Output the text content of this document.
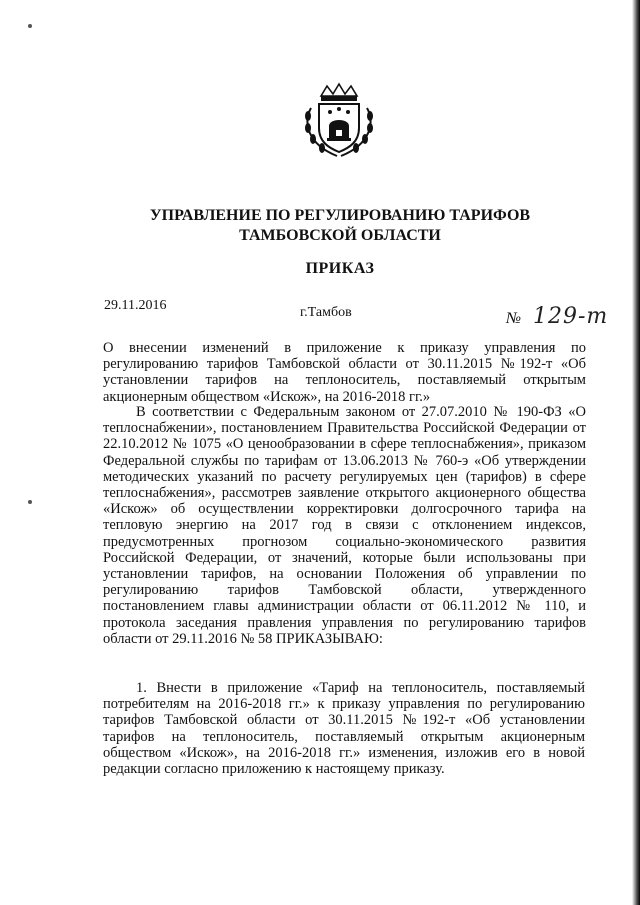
УПРАВЛЕНИЕ ПО РЕГУЛИРОВАНИЮ ТАРИФОВ
ТАМБОВСКОЙ ОБЛАСТИ
ПРИКАЗ
29.11.2016	г.Тамбов	№ 129-т
О внесении изменений в приложение к приказу управления по регулированию тарифов Тамбовской области от 30.11.2015 №192-т «Об установлении тарифов на теплоноситель, поставляемый открытым акционерным обществом «Искож», на 2016-2018 гг.»
В соответствии с Федеральным законом от 27.07.2010 № 190-ФЗ «О теплоснабжении», постановлением Правительства Российской Федерации от 22.10.2012 № 1075 «О ценообразовании в сфере теплоснабжения», приказом Федеральной службы по тарифам от 13.06.2013 № 760-э «Об утверждении методических указаний по расчету регулируемых цен (тарифов) в сфере теплоснабжения», рассмотрев заявление открытого акционерного общества «Искож» об осуществлении корректировки долгосрочного тарифа на тепловую энергию на 2017 год в связи с отклонением индексов, предусмотренных прогнозом социально-экономического развития Российской Федерации, от значений, которые были использованы при установлении тарифов, на основании Положения об управлении по регулированию тарифов Тамбовской области, утвержденного постановлением главы администрации области от 06.11.2012 № 110, и протокола заседания правления управления по регулированию тарифов области от 29.11.2016 № 58 ПРИКАЗЫВАЮ:
1. Внести в приложение «Тариф на теплоноситель, поставляемый потребителям на 2016-2018 гг.» к приказу управления по регулированию тарифов Тамбовской области от 30.11.2015 №192-т «Об установлении тарифов на теплоноситель, поставляемый открытым акционерным обществом «Искож», на 2016-2018 гг.» изменения, изложив его в новой редакции согласно приложению к настоящему приказу.
